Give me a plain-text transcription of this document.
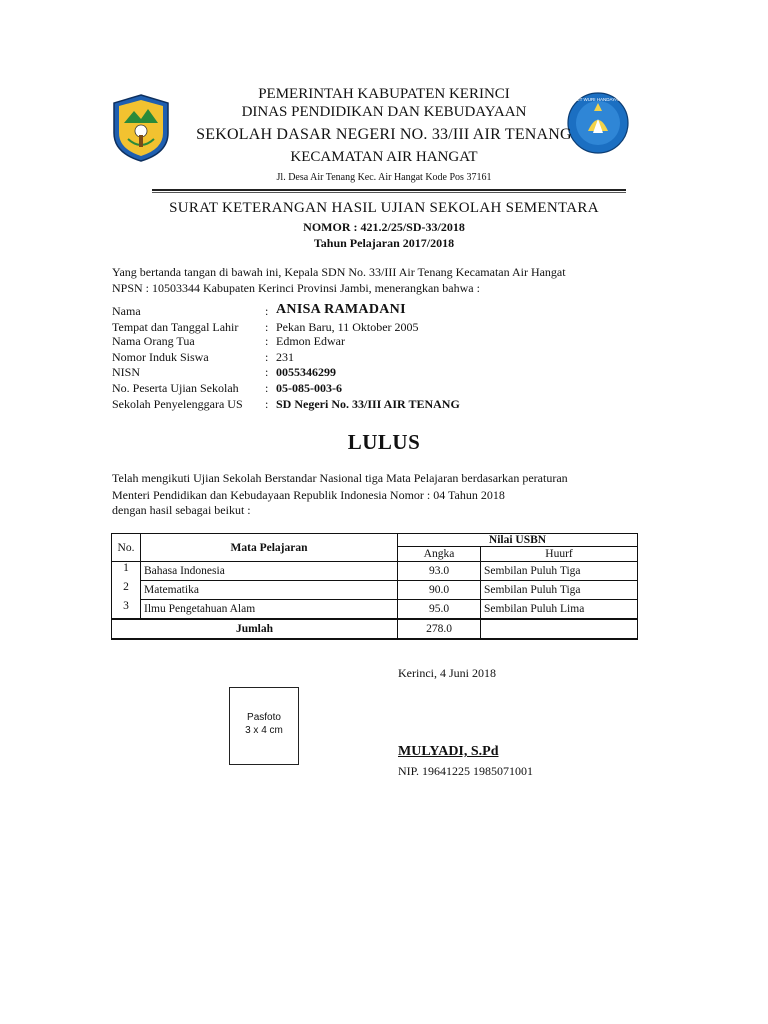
TUT WURI HANDAYANI
PEMERINTAH KABUPATEN KERINCI
DINAS PENDIDIKAN DAN KEBUDAYAAN
SEKOLAH DASAR NEGERI NO. 33/III AIR TENANG
KECAMATAN AIR HANGAT
Jl. Desa Air Tenang Kec. Air Hangat Kode Pos 37161
SURAT KETERANGAN HASIL UJIAN SEKOLAH SEMENTARA
NOMOR : 421.2/25/SD-33/2018
Tahun Pelajaran 2017/2018
Yang bertanda tangan di bawah ini, Kepala SDN No. 33/III Air Tenang Kecamatan Air Hangat
NPSN : 10503344 Kabupaten Kerinci Provinsi Jambi, menerangkan bahwa :
Nama	: ANISA RAMADANI
Tempat dan Tanggal Lahir : Pekan Baru, 11 Oktober 2005
Nama Orang Tua	: Edmon Edwar
Nomor Induk Siswa	: 231
NISN	: 0055346299
No. Peserta Ujian Sekolah : 05-085-003-6
Sekolah Penyelenggara US : SD Negeri No. 33/III AIR TENANG
LULUS
Telah mengikuti Ujian Sekolah Berstandar Nasional tiga Mata Pelajaran berdasarkan peraturan
Menteri Pendidikan dan Kebudayaan Republik Indonesia Nomor : 04 Tahun 2018
dengan hasil sebagai beikut :
No.	Mata Pelajaran	Nilai USBN	
		Angka	Huurf
1	Bahasa Indonesia	93.0	Sembilan Puluh Tiga
2	Matematika	90.0	Sembilan Puluh Tiga
3	Ilmu Pengetahuan Alam	95.0	Sembilan Puluh Lima
Jumlah		278.0	
Kerinci, 4 Juni 2018
Pasfoto
3 x 4 cm
MULYADI, S.Pd
NIP. 19641225 1985071001
